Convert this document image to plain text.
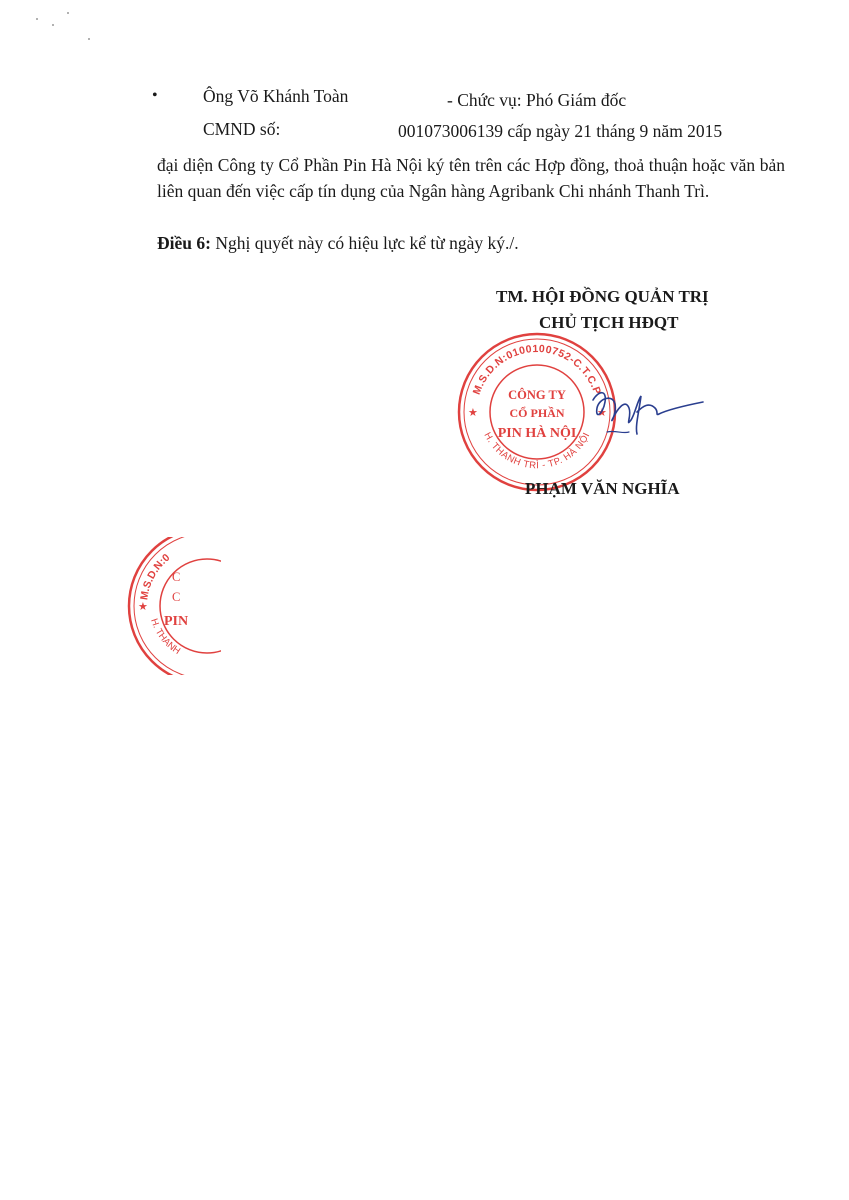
•	Ông Võ Khánh Toàn	- Chức vụ: Phó Giám đốc
CMND số:	001073006139 cấp ngày 21 tháng 9 năm 2015
đại diện Công ty Cổ Phần Pin Hà Nội ký tên trên các Hợp đồng, thoả thuận hoặc văn bản liên quan đến việc cấp tín dụng của Ngân hàng Agribank Chi nhánh Thanh Trì.
Điều 6: Nghị quyết này có hiệu lực kể từ ngày ký./.
TM. HỘI ĐỒNG QUẢN TRỊ
M.S.D.N:0100100752-C.T.C.P
H. THANH TRÌ - TP. HÀ NỘI
★	★
CÔNG TY
CỔ PHẦN
PIN HÀ NỘI
CHỦ TỊCH HĐQT
PHẠM VĂN NGHĨA
M.S.D.N:0
H. THANH
★
C
C
PIN
